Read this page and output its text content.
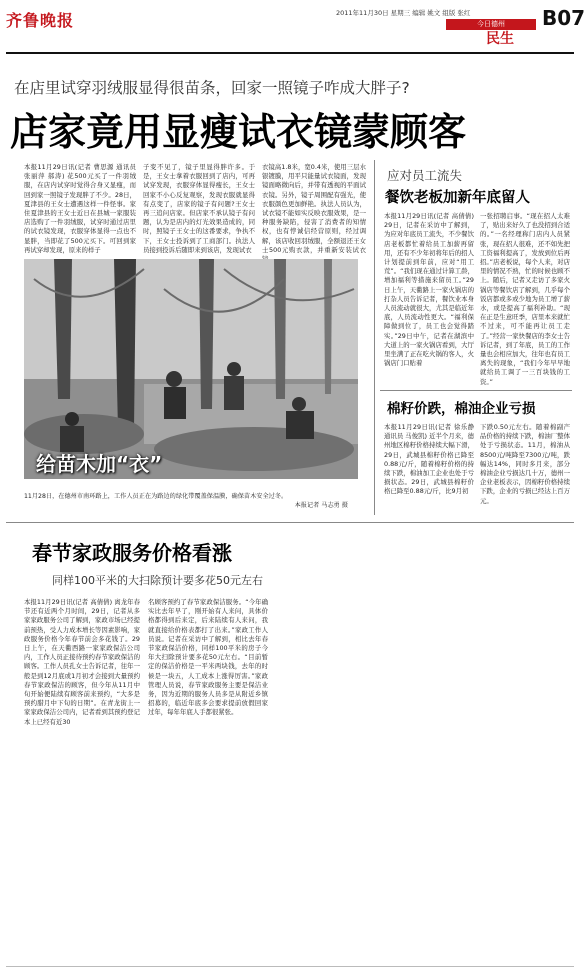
齐鲁晚报	2011年11月30日 星期三 编辑 姚文 组版 张红
今日德州	B07
民生
在店里试穿羽绒服显得很苗条，回家一照镜子咋成大胖子?
店家竟用显瘦试衣镜蒙顾客
本报11月29日讯(记者 曹思源 通讯员 张丽萍 郝涛) 花500元买了一件羽绒服，在店内试穿时觉得合身又显瘦，而回到家一照镜子发现胖了不少。28日，夏津县的王女士遭遇这样一件怪事。家住夏津县的王女士近日在县城一家服装店选购了一件羽绒服，试穿时通过店里的试衣镜发现，衣服穿体显得一点也不显胖，当即花了500元买下。可回到家再试穿却发现，原来的样子
子变不见了，镜子里显得胖许多。于是，王女士拿着衣服回到了店内，可再试穿发现，衣服穿体显得瘦长，王女士回家不小心反复观察，发现衣服就显得有点变了，店家的镜子有问题?王女士再三追问店家。但店家不承认镜子有问题，认为是店内的灯光效果造成的，同时，照镜子王女士的这番要求，争执不下，王女士投诉到了工商部门。执法人员接到投诉后随即来到该店，发现试衣
衣镜高1.8米，宽0.4米，使用三层水银镀膜，用平只能量试衣镜面，发现镜面略微向后，并带有透视的平面试衣镜。另外，镜子周围配有强光，使衣服颜色更加鲜艳。执法人员认为，试衣镜不能如实反映衣服效果，是一种服务缺陷，侵害了消费者的知情权，也有悖诚信经营原则，经过调解，该店收回羽绒服，全额退还王女士500元购衣款，并重新安装试衣
给苗木加“衣”
11月28日，在德州市南环路上，工作人员正在为路边的绿化带覆盖保温膜，确保苗木安全过冬。

本报记者 马志勇 摄
应对员工流失
餐饮老板加新年底留人
本报11月29日讯(记者 高倩倩) 29日，记者在采访中了解到，为应对年底员工流失，不少餐饮店老板都忙着给员工加薪再留用，还有不少年初将年后的招人计划提前到年前，应对“用工荒”。“我们现在通过计算工龄，增加福利等措施来留员工。”29日上午，天衢路上一家火锅店的打杂人员告诉记者，餐饮业本身人员流动就很大，尤其是临近年底，人员流动性更大。“福利保障做到位了，员工也会觉得踏实。”29日中午，记者在湖滨中大道上的一家火锅店看到，大厅里坐满了正在吃火锅的客人，火锅店门口贴着
一张招聘启事。“现在招人太难了，贴出来好久了也没招到合适的。”一名经理称门店内人员紧张，现在招人很难，还不如先把工资福利提高了，发放到位后再招。”店老板说，每个人来，对店里的情况不熟，忙的时候也顾不上。随后，记者又走访了多家火锅店等餐饮店了解到，几乎每个饭店都或多或少地为员工增了薪水，或是提高了福利补助。“现在正是生意旺季，店里本来就忙不过来，可不能再让员工走了。”经营一家快餐店的李女士告诉记者，到了年底，员工的工作量也会相应加大，往年也有员工离失的现象，“我们今年早早地就给员工调了一三百块钱的工资。”
棉籽价跌，棉油企业亏损
本报11月29日讯(记者 徐乐静 通讯员 马俊凯) 近半个月来，德州地区棉籽价格持续大幅下滑，29日，武城县棉籽价格已降至0.88元/斤，随着棉籽价格的持续下跌，棉油加工企业也处于亏损状态。29日，武城县棉籽价格已降至0.88元/斤，比9月初
下跌0.50元左右。随着棉副产品价格的持续下跌，棉油厂整体处于亏损状态。11月，棉油从8500元/吨降至7300元/吨，跌幅达14%，同时多月来，部分棉油企业亏损达几十万，德州一企业老板表示，因棉籽价格持续下跌，企业的亏损已经达上百万元。
春节家政服务价格看涨
同样100平米的大扫除预计要多花50元左右
本报11月29日讯(记者 高倩倩) 离龙年春节还有近两个月时间，29日，记者从多家家政服务公司了解到，家政市场已经提前预热，受人力成本增长等因素影响，家政服务价格今年春节前会多花钱了。29日上午，在天衢西路一家家政保洁公司内，工作人员正接待预约春节家政保洁的顾客。工作人员孔女士告诉记者，往年一般是到12月底或1月初才会接到大量预约春节家政保洁的顾客，但今年从11月中旬开始便陆续有顾客前来预约，“大多是预约腊月中下旬的日期”。在青龙街上一家家政保洁公司内，记者看到其预约登记本上已经有近30
名顾客预约了春节家政保洁服务。“今年确实比去年早了，刚开始有人来问，具体价格都得到后来定，后来陆续有人来问，我就直接给价格表都打了出来。”家政工作人员说。记者在采访中了解到，相比去年春节家政保洁价格，同样100平米的房子今年大扫除预计要多花50元左右。“目前暂定的保洁价格是一平米两块钱，去年的时候是一块五，人工成本上涨得厉害。”家政管理人员说，春节家政服务主要是保洁业务，因为近期的服务人员多是从附近乡镇招募的，临近年底多会要求提前放假回家过年，每年年底人手都很紧张。
